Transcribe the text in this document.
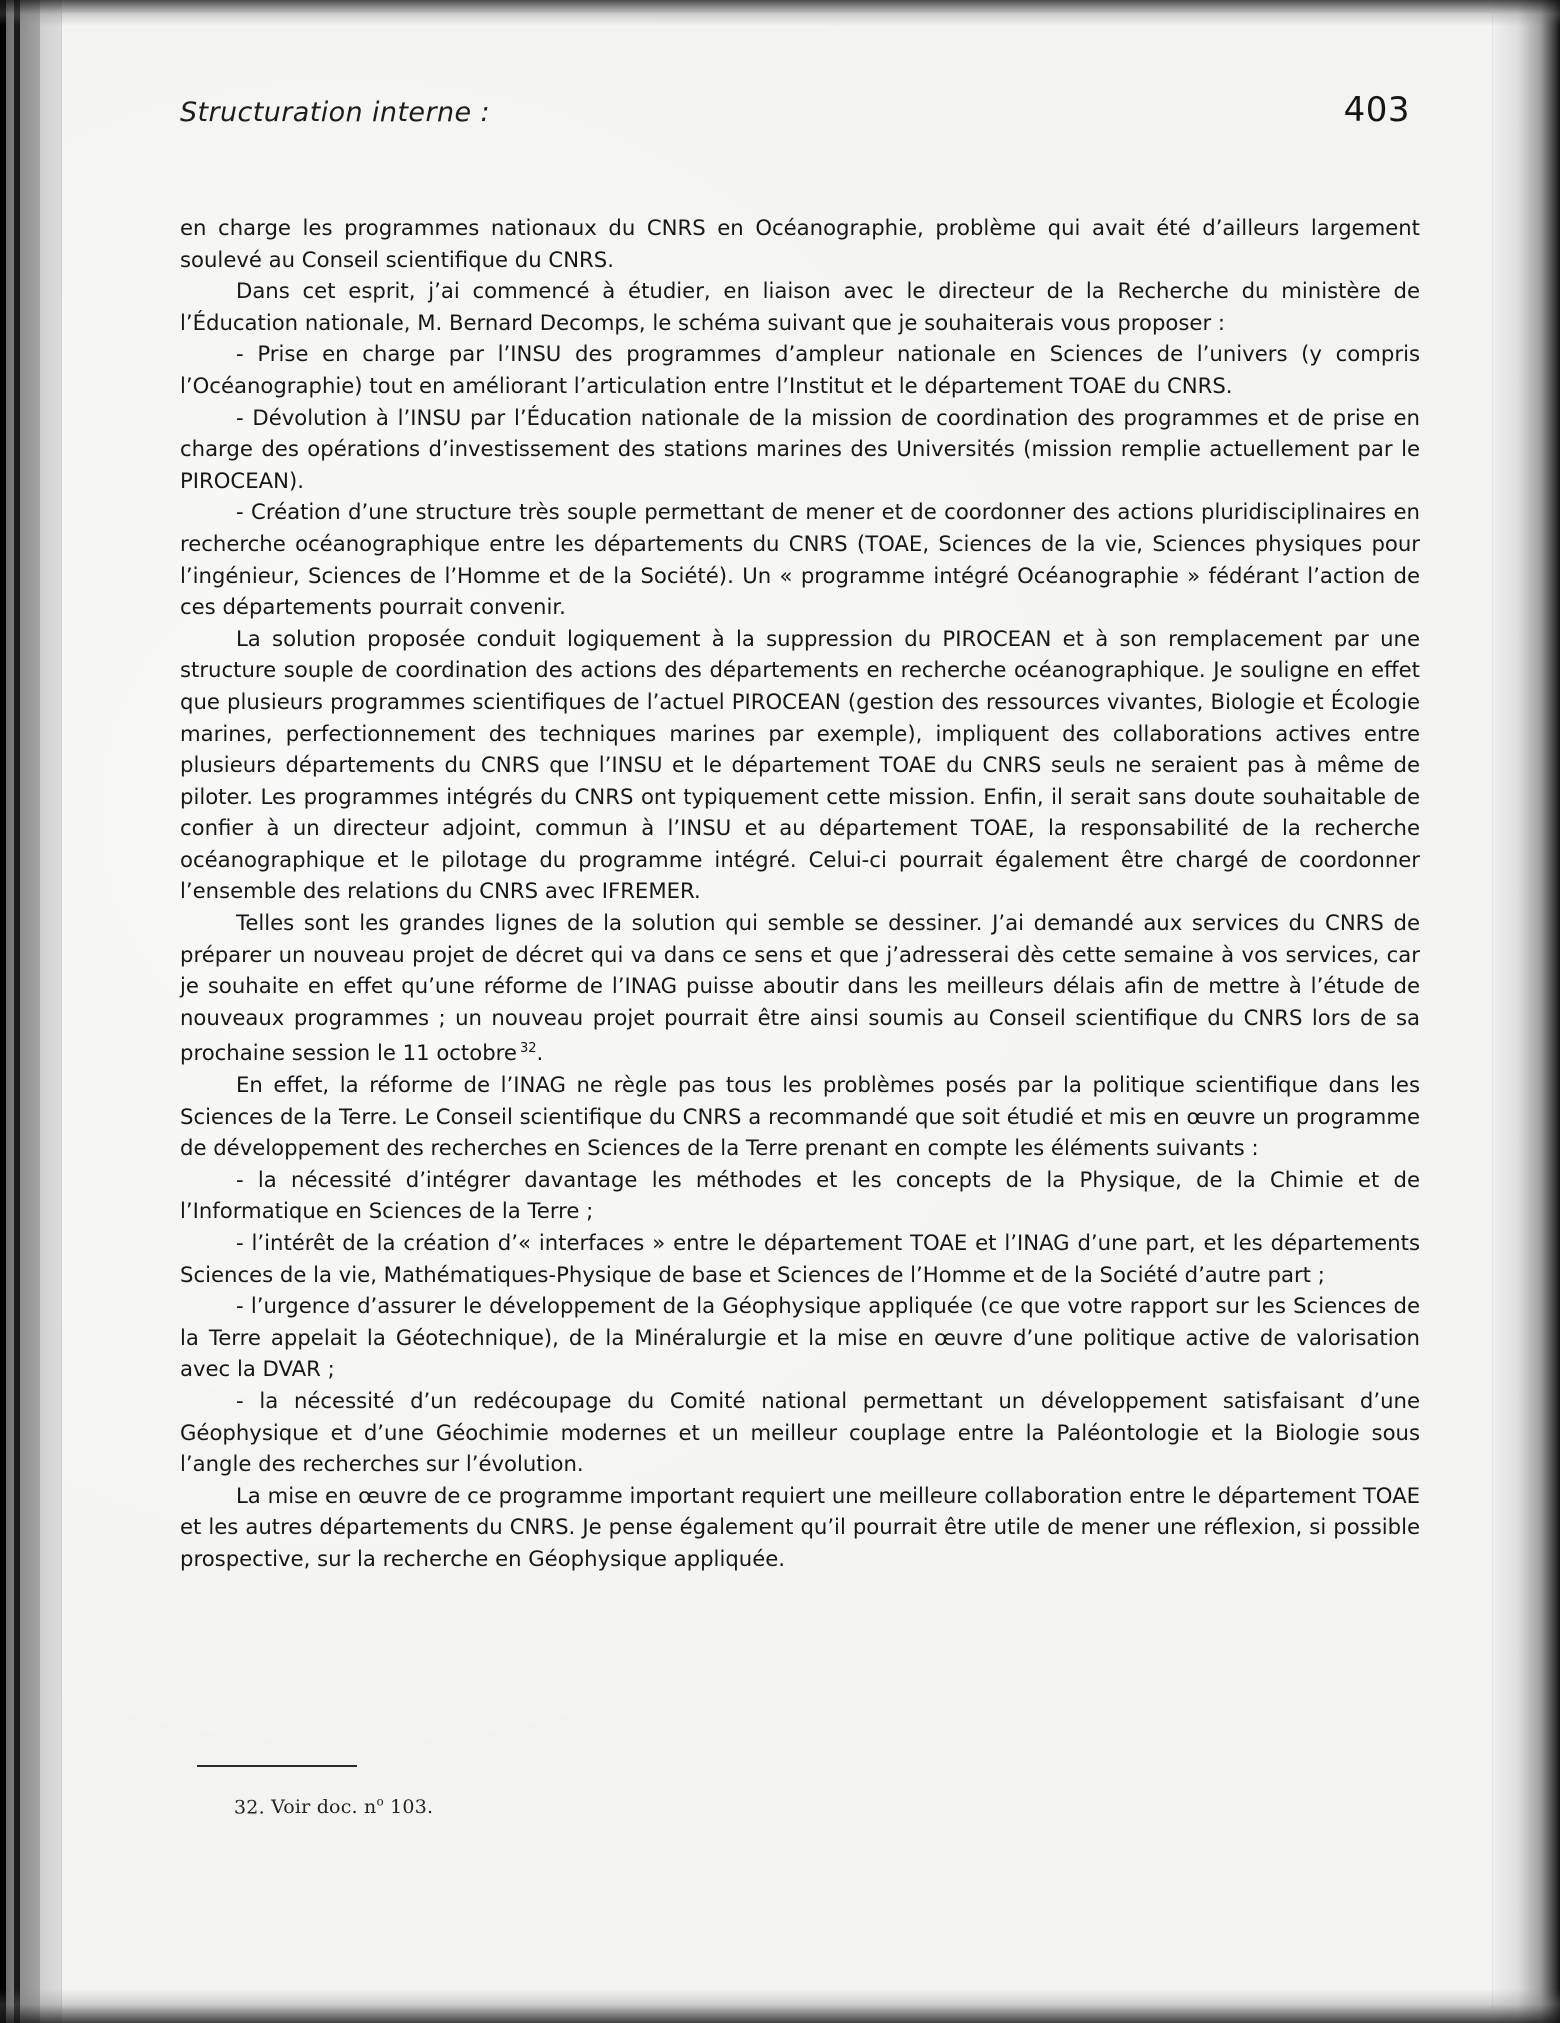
Structuration interne :	403

en charge les programmes nationaux du CNRS en Océanographie, problème qui avait été d’ailleurs largement soulevé au Conseil scientifique du CNRS.

Dans cet esprit, j’ai commencé à étudier, en liaison avec le directeur de la Recherche du ministère de l’Éducation nationale, M. Bernard Decomps, le schéma suivant que je souhaiterais vous proposer :

- Prise en charge par l’INSU des programmes d’ampleur nationale en Sciences de l’univers (y compris l’Océanographie) tout en améliorant l’articulation entre l’Institut et le département TOAE du CNRS.

- Dévolution à l’INSU par l’Éducation nationale de la mission de coordination des programmes et de prise en charge des opérations d’investissement des stations marines des Universités (mission remplie actuellement par le PIROCEAN).

- Création d’une structure très souple permettant de mener et de coordonner des actions pluridisciplinaires en recherche océanographique entre les départements du CNRS (TOAE, Sciences de la vie, Sciences physiques pour l’ingénieur, Sciences de l’Homme et de la Société). Un « programme intégré Océanographie » fédérant l’action de ces départements pourrait convenir.

La solution proposée conduit logiquement à la suppression du PIROCEAN et à son remplacement par une structure souple de coordination des actions des départements en recherche océanographique. Je souligne en effet que plusieurs programmes scientifiques de l’actuel PIROCEAN (gestion des ressources vivantes, Biologie et Écologie marines, perfectionnement des techniques marines par exemple), impliquent des collaborations actives entre plusieurs départements du CNRS que l’INSU et le département TOAE du CNRS seuls ne seraient pas à même de piloter. Les programmes intégrés du CNRS ont typiquement cette mission. Enfin, il serait sans doute souhaitable de confier à un directeur adjoint, commun à l’INSU et au département TOAE, la responsabilité de la recherche océanographique et le pilotage du programme intégré. Celui-ci pourrait également être chargé de coordonner l’ensemble des relations du CNRS avec IFREMER.

Telles sont les grandes lignes de la solution qui semble se dessiner. J’ai demandé aux services du CNRS de préparer un nouveau projet de décret qui va dans ce sens et que j’adresserai dès cette semaine à vos services, car je souhaite en effet qu’une réforme de l’INAG puisse aboutir dans les meilleurs délais afin de mettre à l’étude de nouveaux programmes ; un nouveau projet pourrait être ainsi soumis au Conseil scientifique du CNRS lors de sa prochaine session le 11 octobre $^{32}$.

En effet, la réforme de l’INAG ne règle pas tous les problèmes posés par la politique scientifique dans les Sciences de la Terre. Le Conseil scientifique du CNRS a recommandé que soit étudié et mis en œuvre un programme de développement des recherches en Sciences de la Terre prenant en compte les éléments suivants :

- la nécessité d’intégrer davantage les méthodes et les concepts de la Physique, de la Chimie et de l’Informatique en Sciences de la Terre ;

- l’intérêt de la création d’« interfaces » entre le département TOAE et l’INAG d’une part, et les départements Sciences de la vie, Mathématiques-Physique de base et Sciences de l’Homme et de la Société d’autre part ;

- l’urgence d’assurer le développement de la Géophysique appliquée (ce que votre rapport sur les Sciences de la Terre appelait la Géotechnique), de la Minéralurgie et la mise en œuvre d’une politique active de valorisation avec la DVAR ;

- la nécessité d’un redécoupage du Comité national permettant un développement satisfaisant d’une Géophysique et d’une Géochimie modernes et un meilleur couplage entre la Paléontologie et la Biologie sous l’angle des recherches sur l’évolution.

La mise en œuvre de ce programme important requiert une meilleure collaboration entre le département TOAE et les autres départements du CNRS. Je pense également qu’il pourrait être utile de mener une réflexion, si possible prospective, sur la recherche en Géophysique appliquée.

32. Voir doc. $n^o$ 103.
